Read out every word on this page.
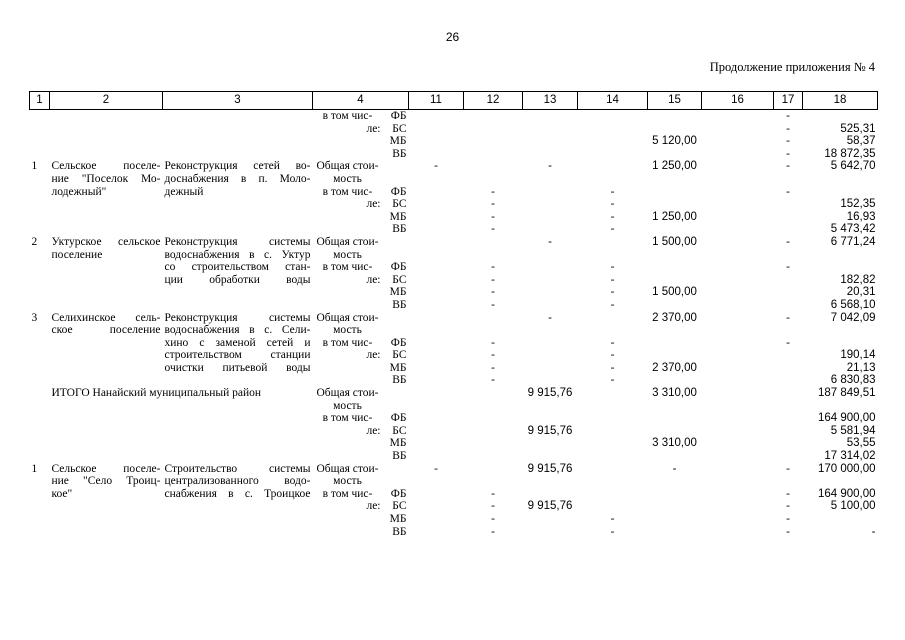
26
Продолжение приложения № 4
1	2	3	4		11	12	13	14	15	16	17	18
			в том чис-	ФБ							-	
			ле:	БС							-	525,31
				МБ					5 120,00		-	58,37
				ВБ							-	18 872,35
1	Сельское поселе-	Реконструкция сетей во-	Общая стои-		-		-		1 250,00		-	5 642,70
	ние "Поселок Мо-	доснабжения в п. Моло-	мость									
	лодежный"	дежный	в том чис-	ФБ		-		-			-	
			ле:	БС		-		-				152,35
				МБ		-		-	1 250,00			16,93
				ВБ		-		-				5 473,42
2	Уктурское сельское	Реконструкция системы	Общая стои-				-		1 500,00		-	6 771,24
	поселение	водоснабжения в с. Уктур	мость									
		со строительством стан-	в том чис-	ФБ		-		-			-	
		ции обработки воды	ле:	БС		-		-				182,82
				МБ		-		-	1 500,00			20,31
				ВБ		-		-				6 568,10
3	Селихинское сель-	Реконструкция системы	Общая стои-				-		2 370,00		-	7 042,09
	ское поселение	водоснабжения в с. Сели-	мость									
		хино с заменой сетей и	в том чис-	ФБ		-		-			-	
		строительством станции	ле:	БС		-		-				190,14
		очистки питьевой воды		МБ		-		-	2 370,00			21,13
				ВБ		-		-				6 830,83
	ИТОГО Нанайский муниципальный район		Общая стои-				9 915,76		3 310,00			187 849,51
			мость									
			в том чис-	ФБ								164 900,00
			ле:	БС			9 915,76					5 581,94
				МБ					3 310,00			53,55
				ВБ								17 314,02
1	Сельское поселе-	Строительство системы	Общая стои-		-		9 915,76		-		-	170 000,00
	ние "Село Троиц-	централизованного водо-	мость									
	кое"	снабжения в с. Троицкое	в том чис-	ФБ		-					-	164 900,00
			ле:	БС		-	9 915,76				-	5 100,00
				МБ		-		-			-	
				ВБ		-		-			-	-
